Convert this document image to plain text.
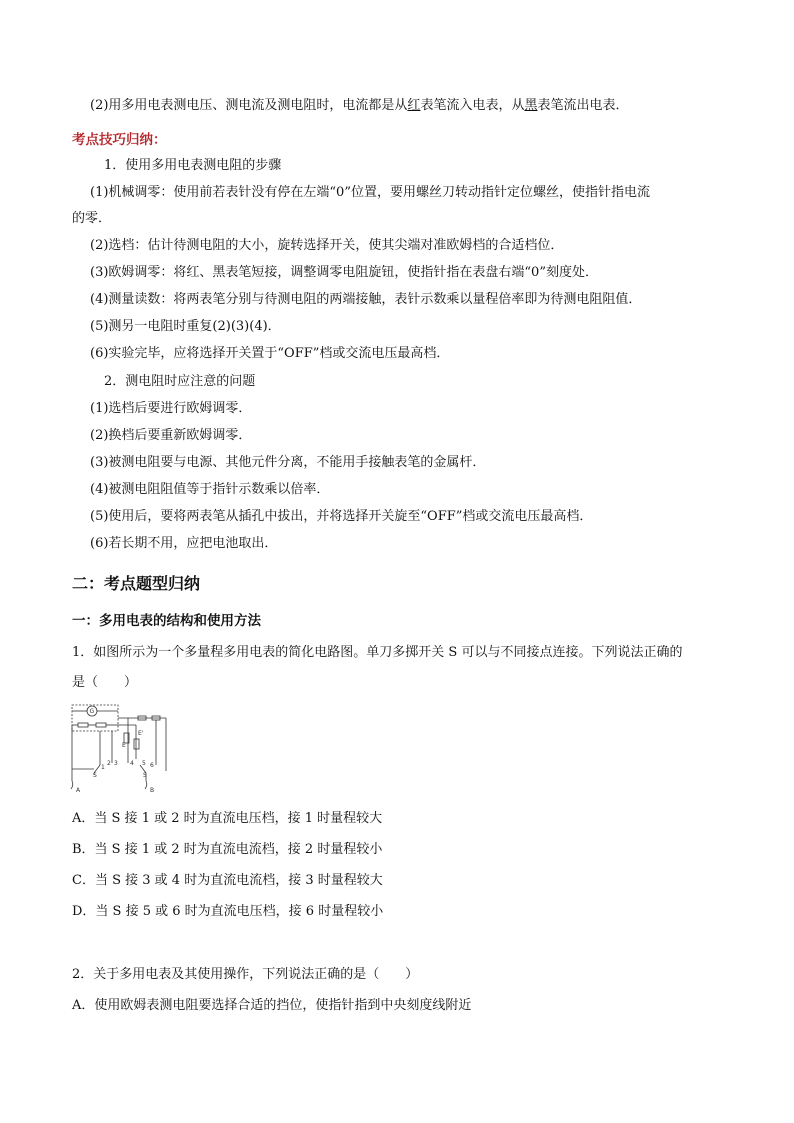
(2)用多用电表测电压、测电流及测电阻时，电流都是从红表笔流入电表，从黑表笔流出电表．
考点技巧归纳：
1．使用多用电表测电阻的步骤
(1)机械调零：使用前若表针没有停在左端“0”位置，要用螺丝刀转动指针定位螺丝，使指针指电流
的零．
(2)选档：估计待测电阻的大小，旋转选择开关，使其尖端对准欧姆档的合适档位．
(3)欧姆调零：将红、黑表笔短接，调整调零电阻旋钮，使指针指在表盘右端“0”刻度处．
(4)测量读数：将两表笔分别与待测电阻的两端接触，表针示数乘以量程倍率即为待测电阻阻值．
(5)测另一电阻时重复(2)(3)(4)．
(6)实验完毕，应将选择开关置于“OFF”档或交流电压最高档．
2．测电阻时应注意的问题
(1)选档后要进行欧姆调零．
(2)换档后要重新欧姆调零．
(3)被测电阻要与电源、其他元件分离，不能用手接触表笔的金属杆．
(4)被测电阻阻值等于指针示数乘以倍率．
(5)使用后，要将两表笔从插孔中拔出，并将选择开关旋至“OFF”档或交流电压最高档．
(6)若长期不用，应把电池取出．
二：考点题型归纳
一：多用电表的结构和使用方法
1．如图所示为一个多量程多用电表的简化电路图。单刀多掷开关 S 可以与不同接点连接。下列说法正确的
是（　　）
G
1
2 3 4 5 6
E
E'
S	S
A	B
A．当 S 接 1 或 2 时为直流电压档，接 1 时量程较大
B．当 S 接 1 或 2 时为直流电流档，接 2 时量程较小
C．当 S 接 3 或 4 时为直流电流档，接 3 时量程较大
D．当 S 接 5 或 6 时为直流电压档，接 6 时量程较小
2．关于多用电表及其使用操作，下列说法正确的是（　　）
A．使用欧姆表测电阻要选择合适的挡位，使指针指到中央刻度线附近
